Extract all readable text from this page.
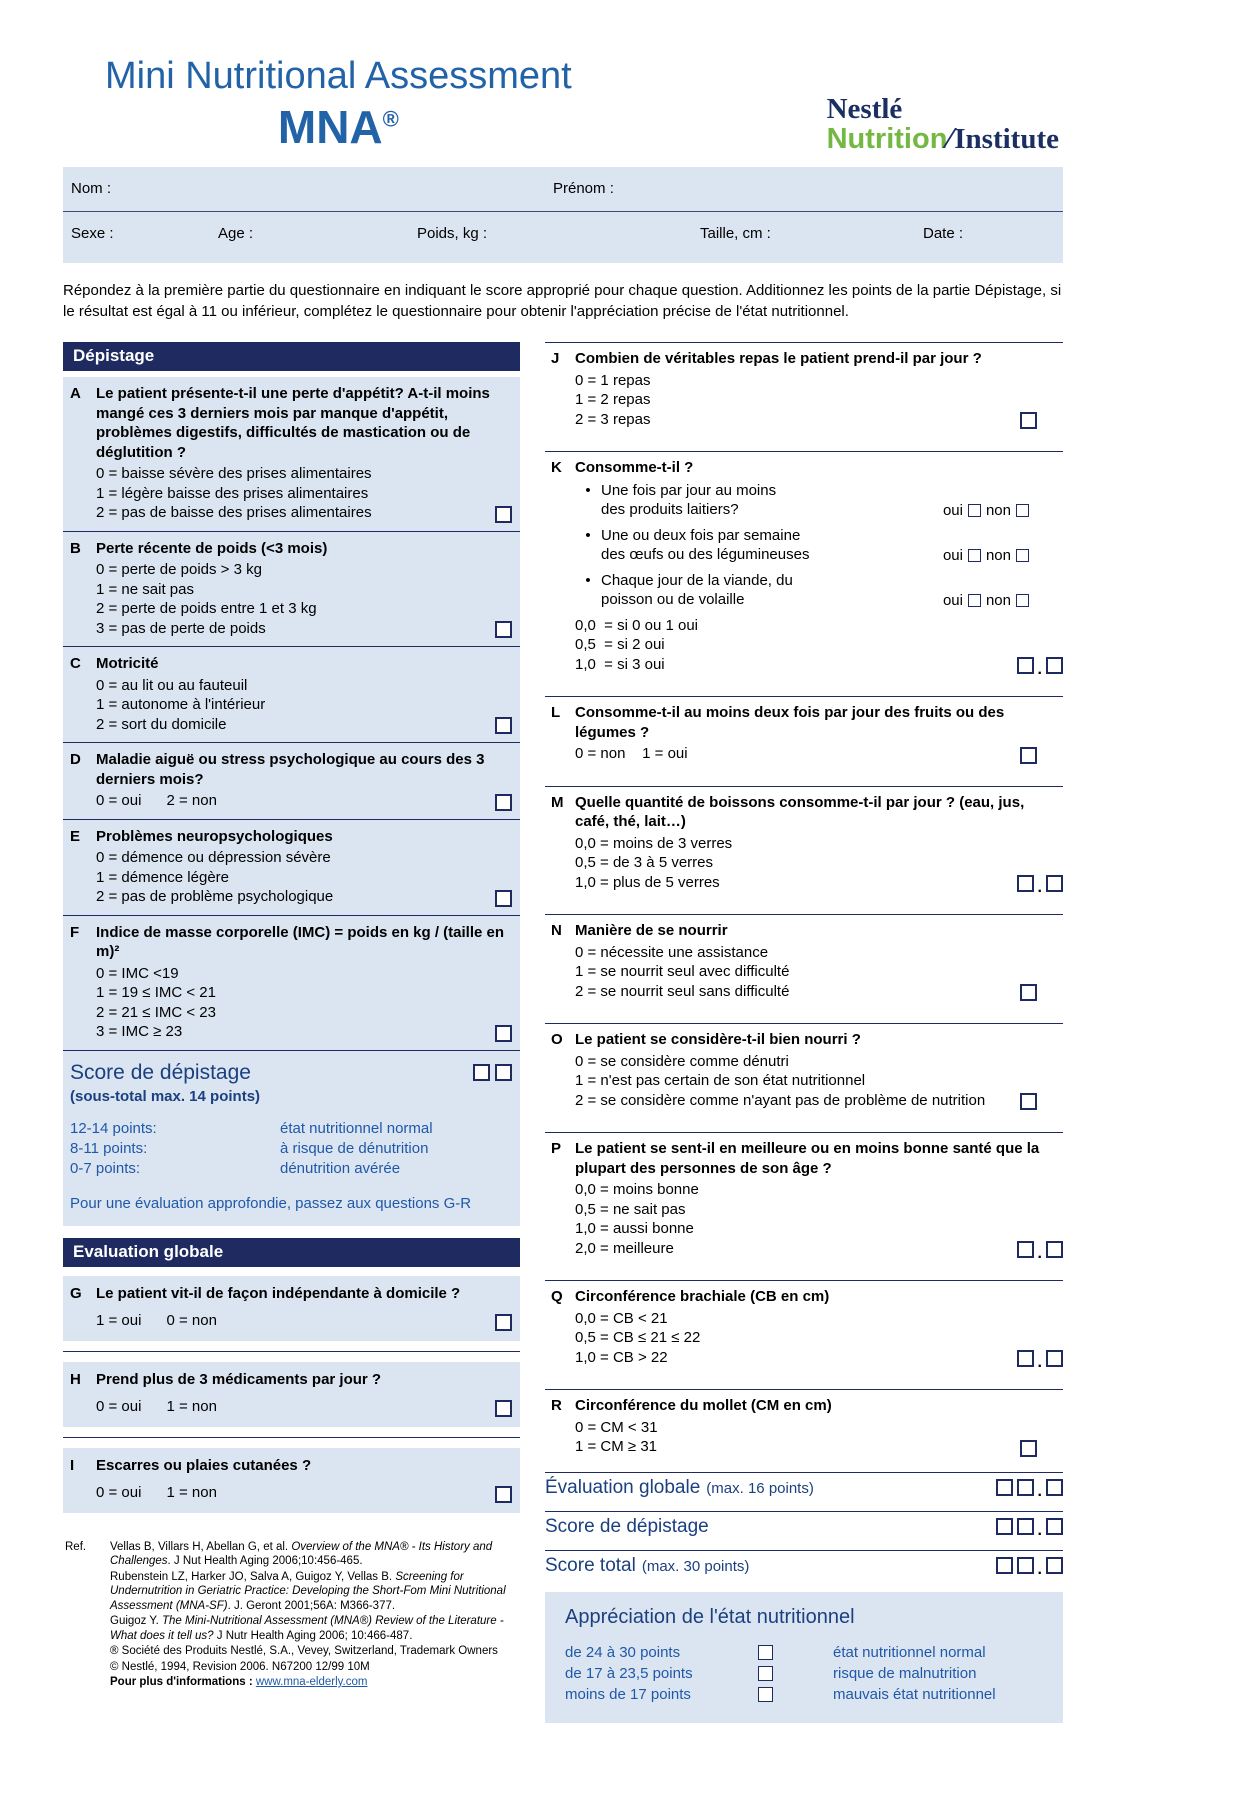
Mini Nutritional Assessment
MNA®	Nestlé
Nutrition∕Institute
Nom :	Prénom :
Sexe :	Age :	Poids, kg :	Taille, cm :	Date :

Répondez à la première partie du questionnaire en indiquant le score approprié pour chaque question. Additionnez les points de la partie Dépistage, si le résultat est égal à 11 ou inférieur, complétez le questionnaire pour obtenir l'appréciation précise de l'état nutritionnel.

Dépistage
A	Le patient présente-t-il une perte d'appétit? A-t-il moins mangé ces 3 derniers mois par manque d'appétit, problèmes digestifs, difficultés de mastication ou de déglutition ?
0 = baisse sévère des prises alimentaires
1 = légère baisse des prises alimentaires
2 = pas de baisse des prises alimentaires
B	Perte récente de poids (<3 mois)
0 = perte de poids > 3 kg
1 = ne sait pas
2 = perte de poids entre 1 et 3 kg
3 = pas de perte de poids
C	Motricité
0 = au lit ou au fauteuil
1 = autonome à l'intérieur
2 = sort du domicile
D	Maladie aiguë ou stress psychologique au cours des 3 derniers mois?
0 = oui      2 = non
E	Problèmes neuropsychologiques
0 = démence ou dépression sévère
1 = démence légère
2 = pas de problème psychologique
F	Indice de masse corporelle (IMC) = poids en kg / (taille en m)²
0 = IMC <19
1 = 19 ≤ IMC < 21
2 = 21 ≤ IMC < 23
3 = IMC ≥ 23
Score de dépistage
(sous-total max. 14 points)
12-14 points:	état nutritionnel normal
8-11 points:	à risque de dénutrition
0-7 points:	dénutrition avérée
Pour une évaluation approfondie, passez aux questions G-R
Evaluation globale
G Le patient vit-il de façon indépendante à domicile ?
1 = oui      0 = non
H	Prend plus de 3 médicaments par jour ?
0 = oui      1 = non
I	Escarres ou plaies cutanées ?
0 = oui      1 = non
Ref.	Vellas B, Villars H, Abellan G, et al. Overview of the MNA® - Its History and Challenges. J Nut Health Aging 2006;10:456-465.

Rubenstein LZ, Harker JO, Salva A, Guigoz Y, Vellas B. Screening for Undernutrition in Geriatric Practice: Developing the Short-Fom Mini Nutritional Assessment (MNA-SF). J. Geront 2001;56A: M366-377.

Guigoz Y. The Mini-Nutritional Assessment (MNA®) Review of the Literature - What does it tell us? J Nutr Health Aging 2006; 10:466-487.

® Société des Produits Nestlé, S.A., Vevey, Switzerland, Trademark Owners

© Nestlé, 1994, Revision 2006. N67200 12/99 10M

Pour plus d'informations : www.mna-elderly.com

J	Combien de véritables repas le patient prend-il par jour ?
0 = 1 repas
1 = 2 repas
2 = 3 repas
K Consomme-t-il ?
• Une fois par jour au moins
des produits laitiers?	oui non
• Une ou deux fois par semaine
des œufs ou des légumineuses	oui non
• Chaque jour de la viande, du
poisson ou de volaille	oui non
0,0  = si 0 ou 1 oui
0,5  = si 2 oui
1,0  = si 3 oui	.
L Consomme-t-il au moins deux fois par jour des fruits ou des légumes ?
0 = non    1 = oui
M Quelle quantité de boissons consomme-t-il par jour ? (eau, jus, café, thé, lait…)
0,0 = moins de 3 verres
0,5 = de 3 à 5 verres
1,0 = plus de 5 verres	.
N Manière de se nourrir
0 = nécessite une assistance
1 = se nourrit seul avec difficulté
2 = se nourrit seul sans difficulté
O Le patient se considère-t-il bien nourri ?
0 = se considère comme dénutri
1 = n'est pas certain de son état nutritionnel
2 = se considère comme n'ayant pas de problème de nutrition
P Le patient se sent-il en meilleure ou en moins bonne santé que la plupart des personnes de son âge ?
0,0 = moins bonne
0,5 = ne sait pas
1,0 = aussi bonne
2,0 = meilleure	.
Q Circonférence brachiale (CB en cm)
0,0 = CB < 21
0,5 = CB ≤ 21 ≤ 22
1,0 = CB > 22	.
R Circonférence du mollet (CM en cm)
0 = CM < 31
1 = CM ≥ 31
Évaluation globale (max. 16 points)	.
Score de dépistage	.
Score total (max. 30 points)	.
Appréciation de l'état nutritionnel
de 24 à 30 points	état nutritionnel normal
de 17 à 23,5 points	risque de malnutrition
moins de 17 points	mauvais état nutritionnel
